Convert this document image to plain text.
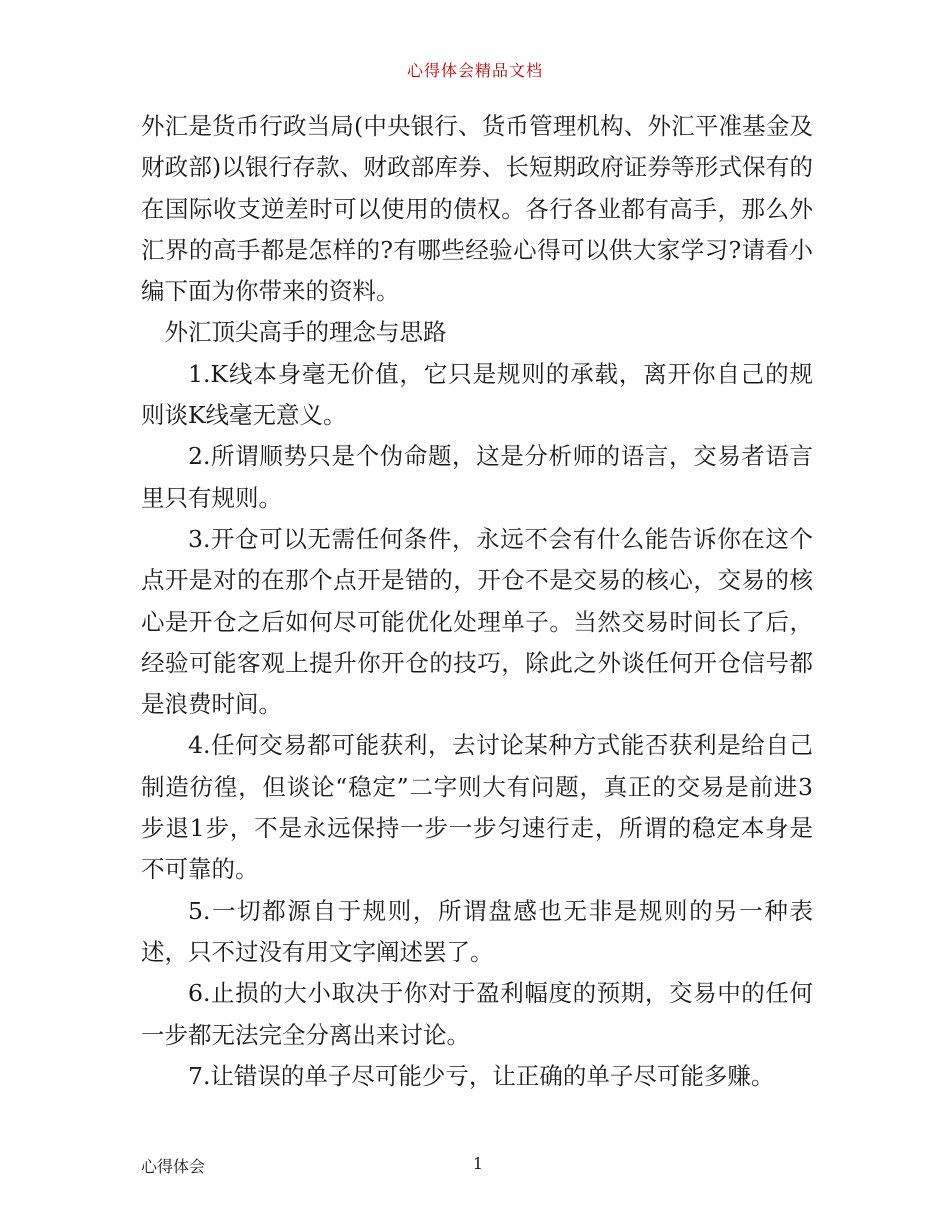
心得体会精品文档

外汇是货币行政当局(中央银行、货币管理机构、外汇平准基金及财政部)以银行存款、财政部库券、长短期政府证券等形式保有的在国际收支逆差时可以使用的债权。各行各业都有高手，那么外汇界的高手都是怎样的?有哪些经验心得可以供大家学习?请看小编下面为你带来的资料。

外汇顶尖高手的理念与思路

1.K线本身毫无价值，它只是规则的承载，离开你自己的规则谈K线毫无意义。

2.所谓顺势只是个伪命题，这是分析师的语言，交易者语言里只有规则。

3.开仓可以无需任何条件，永远不会有什么能告诉你在这个点开是对的在那个点开是错的，开仓不是交易的核心，交易的核心是开仓之后如何尽可能优化处理单子。当然交易时间长了后，经验可能客观上提升你开仓的技巧，除此之外谈任何开仓信号都是浪费时间。

4.任何交易都可能获利，去讨论某种方式能否获利是给自己制造彷徨，但谈论“稳定”二字则大有问题，真正的交易是前进3步退1步，不是永远保持一步一步匀速行走，所谓的稳定本身是不可靠的。

5.一切都源自于规则，所谓盘感也无非是规则的另一种表述，只不过没有用文字阐述罢了。

6.止损的大小取决于你对于盈利幅度的预期，交易中的任何一步都无法完全分离出来讨论。

7.让错误的单子尽可能少亏，让正确的单子尽可能多赚。

心得体会	1
